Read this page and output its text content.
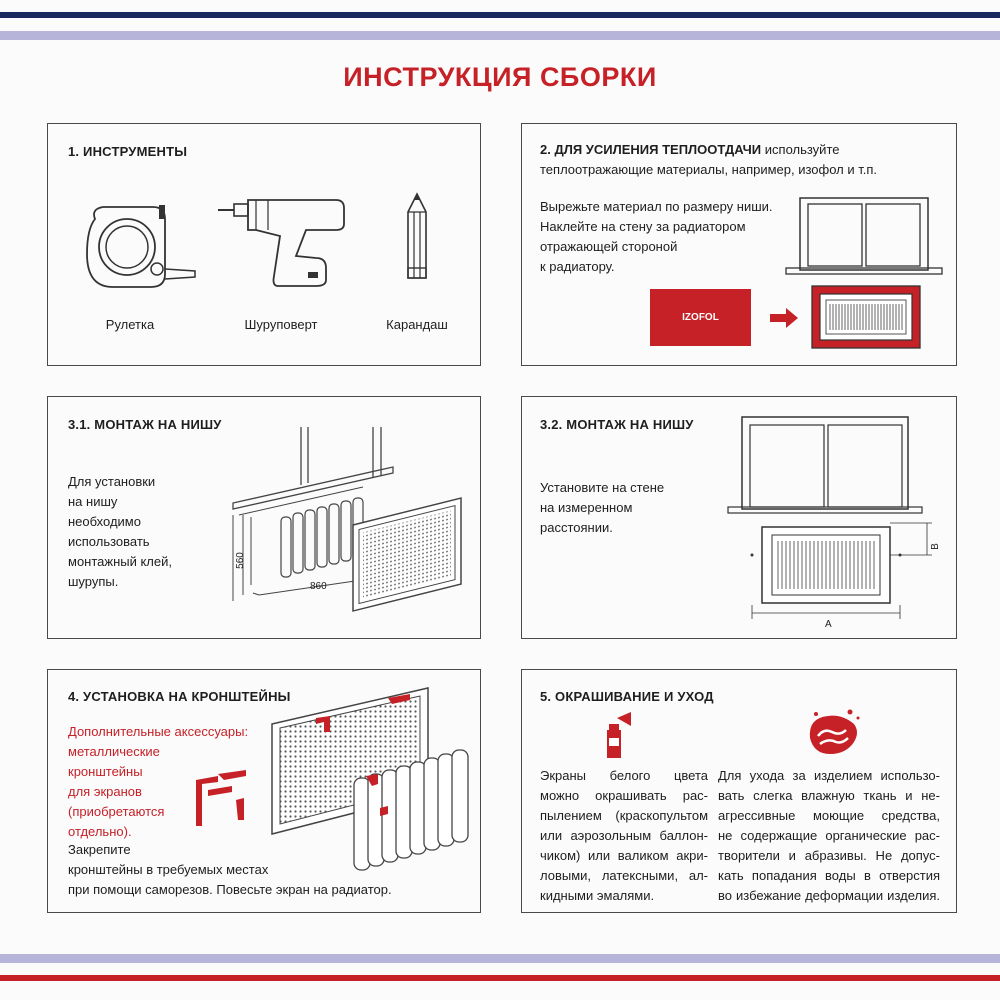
ИНСТРУКЦИЯ СБОРКИ
1. ИНСТРУМЕНТЫ
Рулетка	Шуруповерт	Карандаш
2. ДЛЯ УСИЛЕНИЯ ТЕПЛООТДАЧИ используйте
теплоотражающие материалы, например, изофол и т.п.
Вырежьте материал по размеру ниши.
Наклейте на стену за радиатором
отражающей стороной
к радиатору.
IZOFOL
3.1. МОНТАЖ НА НИШУ
Для установки
на нишу
необходимо
использовать
монтажный клей,
шурупы.
560
860
3.2. МОНТАЖ НА НИШУ
Установите на стене
на измеренном
расстоянии.
A
B
4. УСТАНОВКА НА КРОНШТЕЙНЫ
Дополнительные аксессуары:
металлические
кронштейны
для экранов
(приобретаются
отдельно).
Закрепите
кронштейны в требуемых местах
при помощи саморезов. Повесьте экран на радиатор.
5. ОКРАШИВАНИЕ И УХОД
Экраны белого цвета
можно окрашивать рас-
пылением (краскопультом
или аэрозольным баллон-
чиком) или валиком акри-
ловыми, латексными, ал-
кидными эмалями.
Для ухода за изделием использо-
вать слегка влажную ткань и не-
агрессивные моющие средства,
не содержащие органические рас-
творители и абразивы. Не допус-
кать попадания воды в отверстия
во избежание деформации изделия.
